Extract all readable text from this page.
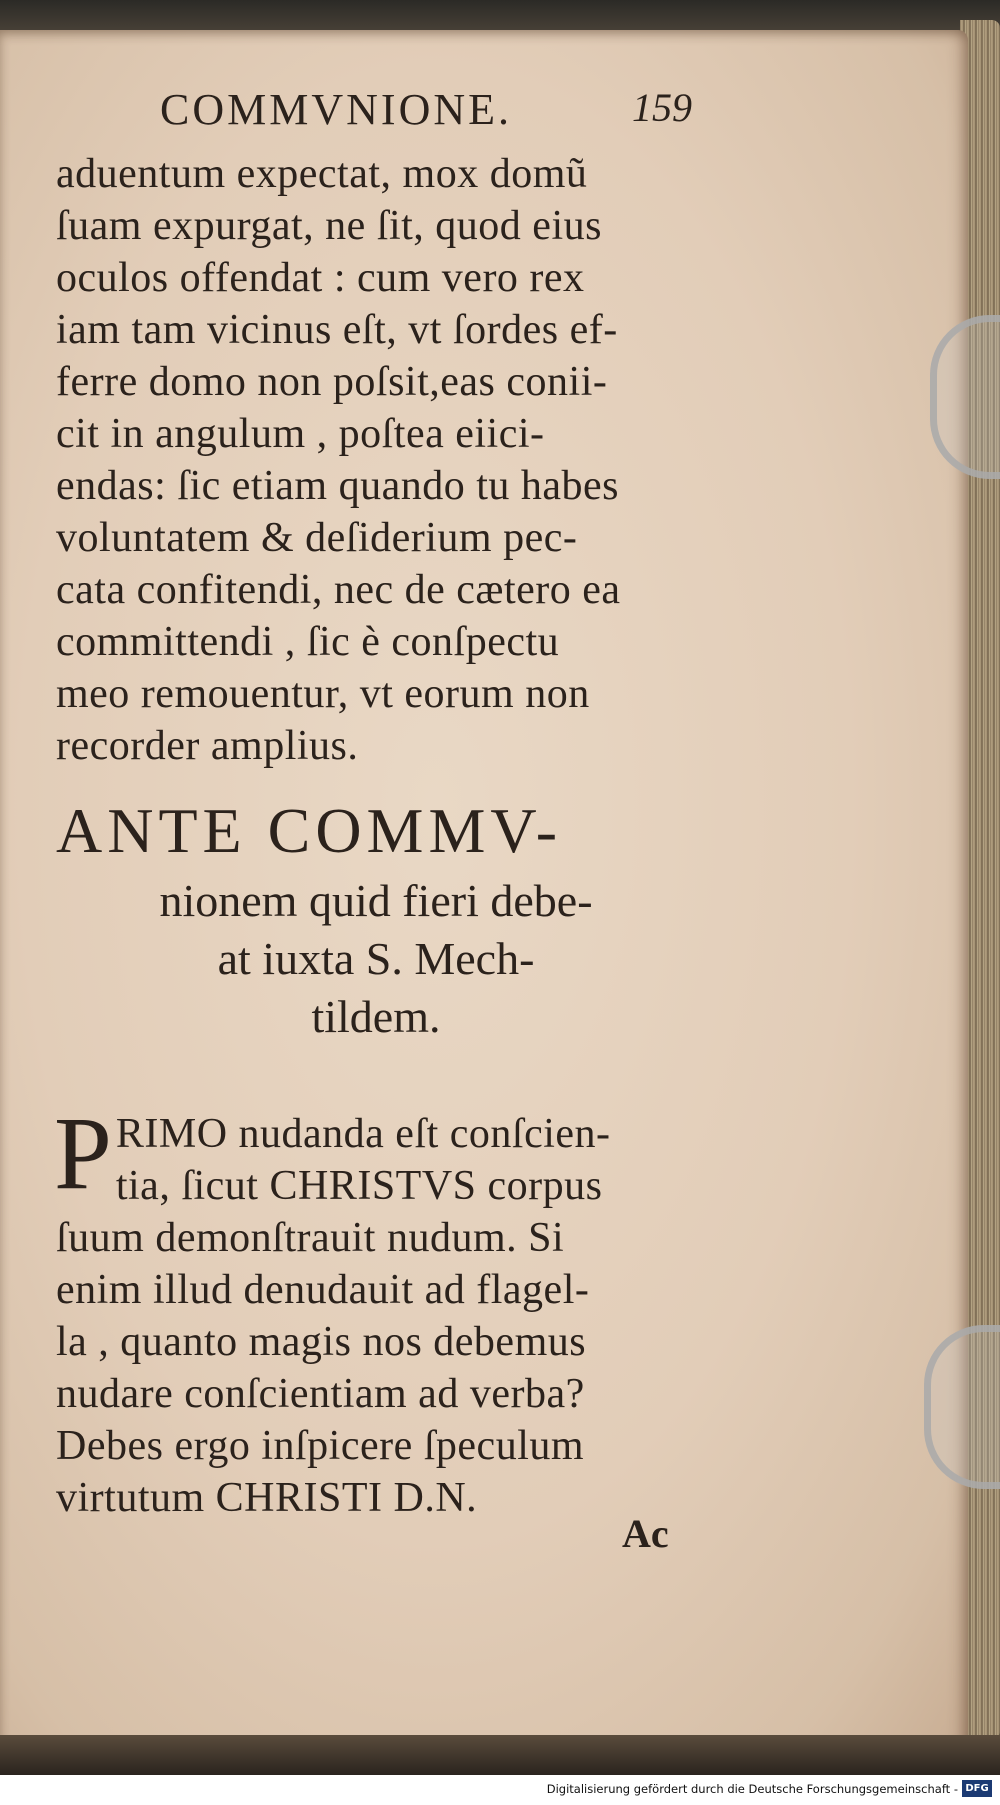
COMMVNIONE.	159
aduentum expectat, mox domũ
ſuam expurgat, ne ſit, quod eius
oculos offendat : cum vero rex
iam tam vicinus eſt, vt ſordes ef-
ferre domo non poſsit,eas conii-
cit in angulum , poſtea eiici-
endas: ſic etiam quando tu habes
voluntatem & deſiderium pec-
cata confitendi, nec de cætero ea
committendi , ſic è conſpectu
meo remouentur, vt eorum non
recorder amplius.
ANTE COMMV-
nionem quid fieri debe-
at iuxta S. Mech-
tildem.
P RIMO nudanda eſt conſcien-
tia, ſicut CHRISTVS corpus
ſuum demonſtrauit nudum. Si
enim illud denudauit ad flagel-
la , quanto magis nos debemus
nudare conſcientiam ad verba?
Debes ergo inſpicere ſpeculum
virtutum CHRISTI D.N.
Ac
Digitalisierung gefördert durch die Deutsche Forschungsgemeinschaft - DFG
